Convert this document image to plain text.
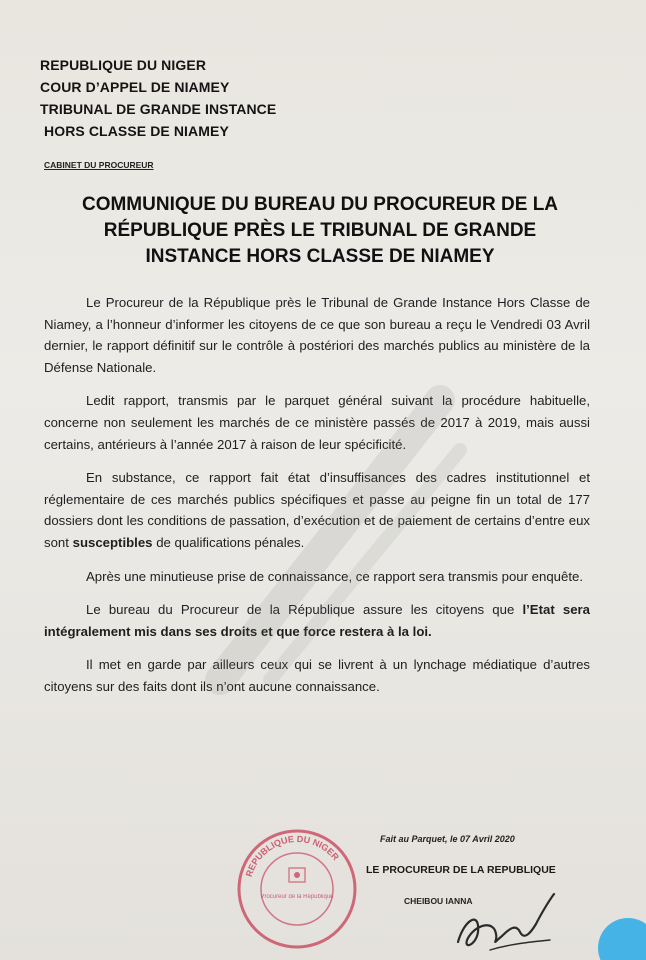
REPUBLIQUE DU NIGER
COUR D’APPEL DE NIAMEY
TRIBUNAL DE GRANDE INSTANCE
HORS CLASSE DE NIAMEY
CABINET DU PROCUREUR
COMMUNIQUE DU BUREAU DU PROCUREUR DE LA
RÉPUBLIQUE PRÈS LE TRIBUNAL DE GRANDE
INSTANCE HORS CLASSE DE NIAMEY

Le Procureur de la République près le Tribunal de Grande Instance Hors Classe de Niamey, a l’honneur d’informer les citoyens de ce que son bureau a reçu le Vendredi 03 Avril dernier, le rapport définitif sur le contrôle à postériori des marchés publics au ministère de la Défense Nationale.

Ledit rapport, transmis par le parquet général suivant la procédure habituelle, concerne non seulement les marchés de ce ministère passés de 2017 à 2019, mais aussi certains, antérieurs à l’année 2017 à raison de leur spécificité.

En substance, ce rapport fait état d’insuffisances des cadres institutionnel et réglementaire de ces marchés publics spécifiques et passe au peigne fin un total de 177 dossiers dont les conditions de passation, d’exécution et de paiement de certains d’entre eux sont susceptibles de qualifications pénales.

Après une minutieuse prise de connaissance, ce rapport sera transmis pour enquête.

Le bureau du Procureur de la République assure les citoyens que l’Etat sera intégralement mis dans ses droits et que force restera à la loi.

Il met en garde par ailleurs ceux qui se livrent à un lynchage médiatique d’autres citoyens sur des faits dont ils n’ont aucune connaissance.

Fait au Parquet, le 07 Avril 2020
LE PROCUREUR DE LA REPUBLIQUE
CHEIBOU IANNA
REPUBLIQUE DU NIGER
Procureur de la République
